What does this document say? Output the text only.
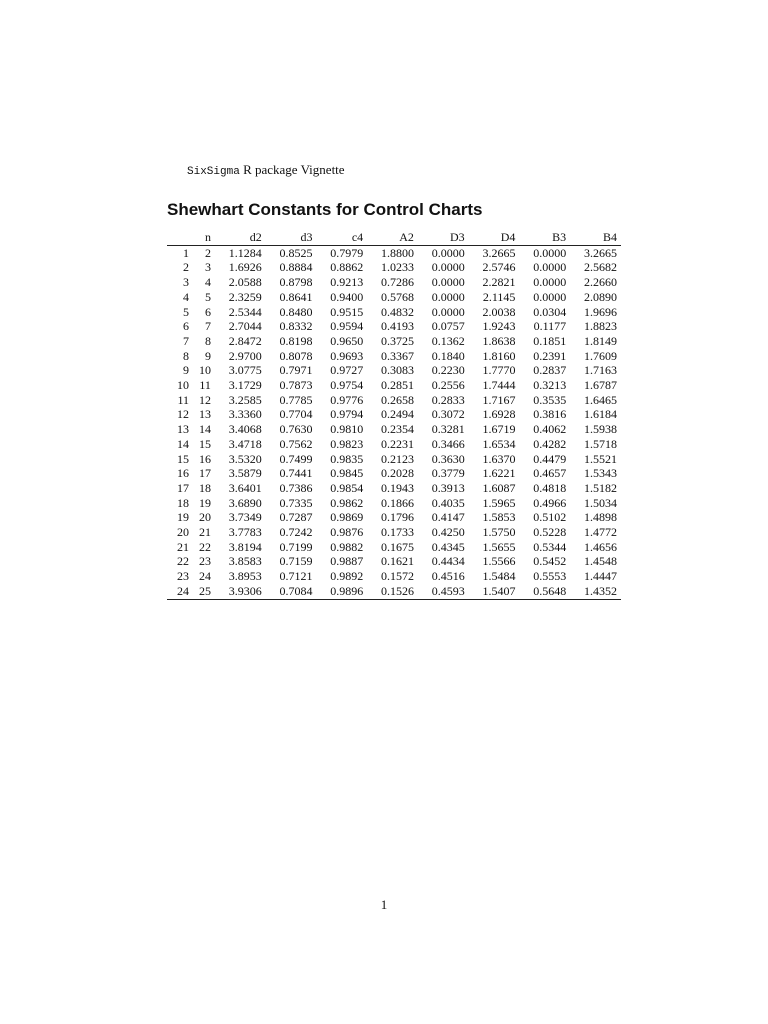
SixSigma R package Vignette
Shewhart Constants for Control Charts
	n	d2	d3	c4	A2	D3	D4	B3	B4
1	2	1.1284	0.8525	0.7979	1.8800	0.0000	3.2665	0.0000	3.2665
2	3	1.6926	0.8884	0.8862	1.0233	0.0000	2.5746	0.0000	2.5682
3	4	2.0588	0.8798	0.9213	0.7286	0.0000	2.2821	0.0000	2.2660
4	5	2.3259	0.8641	0.9400	0.5768	0.0000	2.1145	0.0000	2.0890
5	6	2.5344	0.8480	0.9515	0.4832	0.0000	2.0038	0.0304	1.9696
6	7	2.7044	0.8332	0.9594	0.4193	0.0757	1.9243	0.1177	1.8823
7	8	2.8472	0.8198	0.9650	0.3725	0.1362	1.8638	0.1851	1.8149
8	9	2.9700	0.8078	0.9693	0.3367	0.1840	1.8160	0.2391	1.7609
9	10	3.0775	0.7971	0.9727	0.3083	0.2230	1.7770	0.2837	1.7163
10	11	3.1729	0.7873	0.9754	0.2851	0.2556	1.7444	0.3213	1.6787
11	12	3.2585	0.7785	0.9776	0.2658	0.2833	1.7167	0.3535	1.6465
12	13	3.3360	0.7704	0.9794	0.2494	0.3072	1.6928	0.3816	1.6184
13	14	3.4068	0.7630	0.9810	0.2354	0.3281	1.6719	0.4062	1.5938
14	15	3.4718	0.7562	0.9823	0.2231	0.3466	1.6534	0.4282	1.5718
15	16	3.5320	0.7499	0.9835	0.2123	0.3630	1.6370	0.4479	1.5521
16	17	3.5879	0.7441	0.9845	0.2028	0.3779	1.6221	0.4657	1.5343
17	18	3.6401	0.7386	0.9854	0.1943	0.3913	1.6087	0.4818	1.5182
18	19	3.6890	0.7335	0.9862	0.1866	0.4035	1.5965	0.4966	1.5034
19	20	3.7349	0.7287	0.9869	0.1796	0.4147	1.5853	0.5102	1.4898
20	21	3.7783	0.7242	0.9876	0.1733	0.4250	1.5750	0.5228	1.4772
21	22	3.8194	0.7199	0.9882	0.1675	0.4345	1.5655	0.5344	1.4656
22	23	3.8583	0.7159	0.9887	0.1621	0.4434	1.5566	0.5452	1.4548
23	24	3.8953	0.7121	0.9892	0.1572	0.4516	1.5484	0.5553	1.4447
24	25	3.9306	0.7084	0.9896	0.1526	0.4593	1.5407	0.5648	1.4352
1
